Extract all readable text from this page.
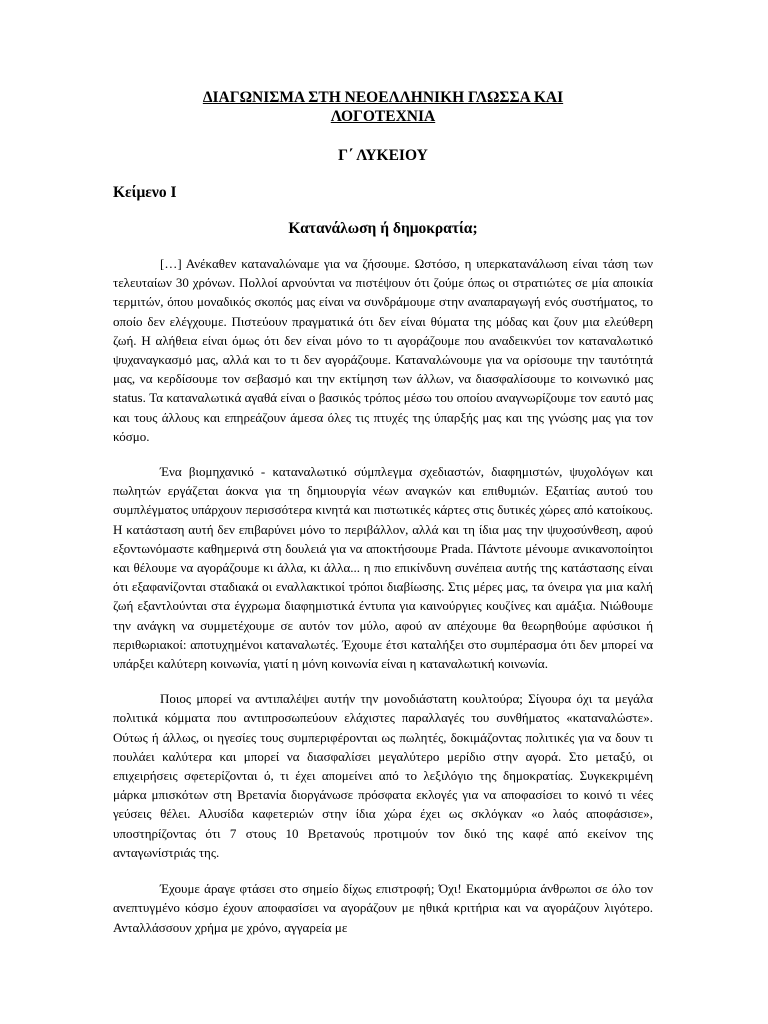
ΔΙΑΓΩΝΙΣΜΑ ΣΤΗ ΝΕΟΕΛΛΗΝΙΚΗ ΓΛΩΣΣΑ ΚΑΙ
ΛΟΓΟΤΕΧΝΙΑ

Γ΄ ΛΥΚΕΙΟΥ

Κείμενο Ι

Κατανάλωση ή δημοκρατία;

[…] Ανέκαθεν καταναλώναμε για να ζήσουμε. Ωστόσο, η υπερκατανάλωση είναι τάση των τελευταίων 30 χρόνων. Πολλοί αρνούνται να πιστέψουν ότι ζούμε όπως οι στρατιώτες σε μία αποικία τερμιτών, όπου μοναδικός σκοπός μας είναι να συνδράμουμε στην αναπαραγωγή ενός συστήματος, το οποίο δεν ελέγχουμε. Πιστεύουν πραγματικά ότι δεν είναι θύματα της μόδας και ζουν μια ελεύθερη ζωή. Η αλήθεια είναι όμως ότι δεν είναι μόνο το τι αγοράζουμε που αναδεικνύει τον καταναλωτικό ψυχαναγκασμό μας, αλλά και το τι δεν αγοράζουμε. Καταναλώνουμε για να ορίσουμε την ταυτότητά μας, να κερδίσουμε τον σεβασμό και την εκτίμηση των άλλων, να διασφαλίσουμε το κοινωνικό μας status. Τα καταναλωτικά αγαθά είναι ο βασικός τρόπος μέσω του οποίου αναγνωρίζουμε τον εαυτό μας και τους άλλους και επηρεάζουν άμεσα όλες τις πτυχές της ύπαρξής μας και της γνώσης μας για τον κόσμο.

Ένα βιομηχανικό - καταναλωτικό σύμπλεγμα σχεδιαστών, διαφημιστών, ψυχολόγων και πωλητών εργάζεται άοκνα για τη δημιουργία νέων αναγκών και επιθυμιών. Εξαιτίας αυτού του συμπλέγματος υπάρχουν περισσότερα κινητά και πιστωτικές κάρτες στις δυτικές χώρες από κατοίκους. Η κατάσταση αυτή δεν επιβαρύνει μόνο το περιβάλλον, αλλά και τη ίδια μας την ψυχοσύνθεση, αφού εξοντωνόμαστε καθημερινά στη δουλειά για να αποκτήσουμε Prada. Πάντοτε μένουμε ανικανοποίητοι και θέλουμε να αγοράζουμε κι άλλα, κι άλλα... η πιο επικίνδυνη συνέπεια αυτής της κατάστασης είναι ότι εξαφανίζονται σταδιακά οι εναλλακτικοί τρόποι διαβίωσης. Στις μέρες μας, τα όνειρα για μια καλή ζωή εξαντλούνται στα έγχρωμα διαφημιστικά έντυπα για καινούργιες κουζίνες και αμάξια. Νιώθουμε την ανάγκη να συμμετέχουμε σε αυτόν τον μύλο, αφού αν απέχουμε θα θεωρηθούμε αφύσικοι ή περιθωριακοί: αποτυχημένοι καταναλωτές. Έχουμε έτσι καταλήξει στο συμπέρασμα ότι δεν μπορεί να υπάρξει καλύτερη κοινωνία, γιατί η μόνη κοινωνία είναι η καταναλωτική κοινωνία.

Ποιος μπορεί να αντιπαλέψει αυτήν την μονοδιάστατη κουλτούρα; Σίγουρα όχι τα μεγάλα πολιτικά κόμματα που αντιπροσωπεύουν ελάχιστες παραλλαγές του συνθήματος «καταναλώστε». Ούτως ή άλλως, οι ηγεσίες τους συμπεριφέρονται ως πωλητές, δοκιμάζοντας πολιτικές για να δουν τι πουλάει καλύτερα και μπορεί να διασφαλίσει μεγαλύτερο μερίδιο στην αγορά. Στο μεταξύ, οι επιχειρήσεις σφετερίζονται ό, τι έχει απομείνει από το λεξιλόγιο της δημοκρατίας. Συγκεκριμένη μάρκα μπισκότων στη Βρετανία διοργάνωσε πρόσφατα εκλογές για να αποφασίσει το κοινό τι νέες γεύσεις θέλει. Αλυσίδα καφετεριών στην ίδια χώρα έχει ως σκλόγκαν «ο λαός αποφάσισε», υποστηρίζοντας ότι 7 στους 10 Βρετανούς προτιμούν τον δικό της καφέ από εκείνον της ανταγωνίστριάς της.

Έχουμε άραγε φτάσει στο σημείο δίχως επιστροφή; Όχι! Εκατομμύρια άνθρωποι σε όλο τον ανεπτυγμένο κόσμο έχουν αποφασίσει να αγοράζουν με ηθικά κριτήρια και να αγοράζουν λιγότερο. Ανταλλάσσουν χρήμα με χρόνο, αγγαρεία με
